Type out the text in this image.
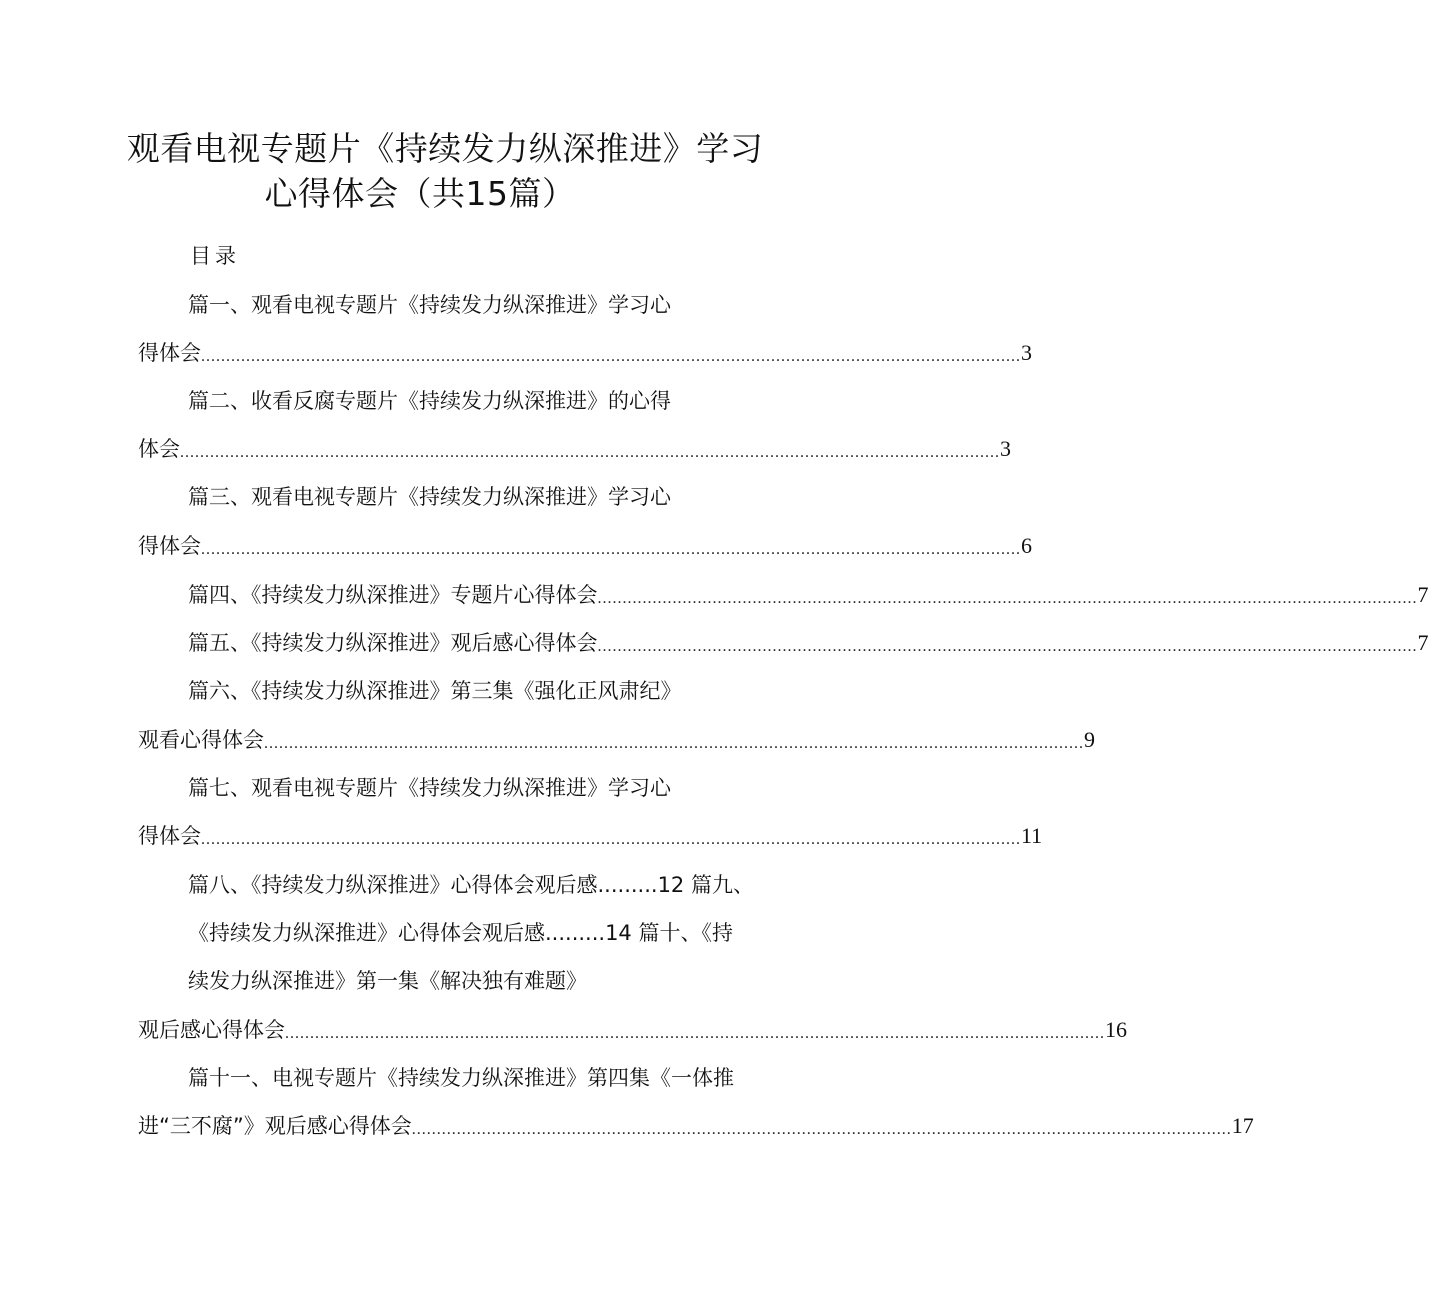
观看电视专题片《持续发力纵深推进》学习
心得体会（共15篇）
目录
篇一、观看电视专题片《持续发力纵深推进》学习心
得体会 .................................................................................................................................................................... 3
篇二、收看反腐专题片《持续发力纵深推进》的心得
体会 .................................................................................................................................................................... 3
篇三、观看电视专题片《持续发力纵深推进》学习心
得体会 .................................................................................................................................................................... 6
篇四、《持续发力纵深推进》专题片心得体会 .................................................................................................................................................................... 7
篇五、《持续发力纵深推进》观后感心得体会 .................................................................................................................................................................... 7
篇六、《持续发力纵深推进》第三集《强化正风肃纪》
观看心得体会 .................................................................................................................................................................... 9
篇七、观看电视专题片《持续发力纵深推进》学习心
得体会 .................................................................................................................................................................... 11
篇八、《持续发力纵深推进》心得体会观后感.........12 篇九、
《持续发力纵深推进》心得体会观后感.........14 篇十、《持
续发力纵深推进》第一集《解决独有难题》
观后感心得体会 .................................................................................................................................................................... 16
篇十一、电视专题片《持续发力纵深推进》第四集《一体推
进“三不腐”》观后感心得体会 .................................................................................................................................................................... 17
